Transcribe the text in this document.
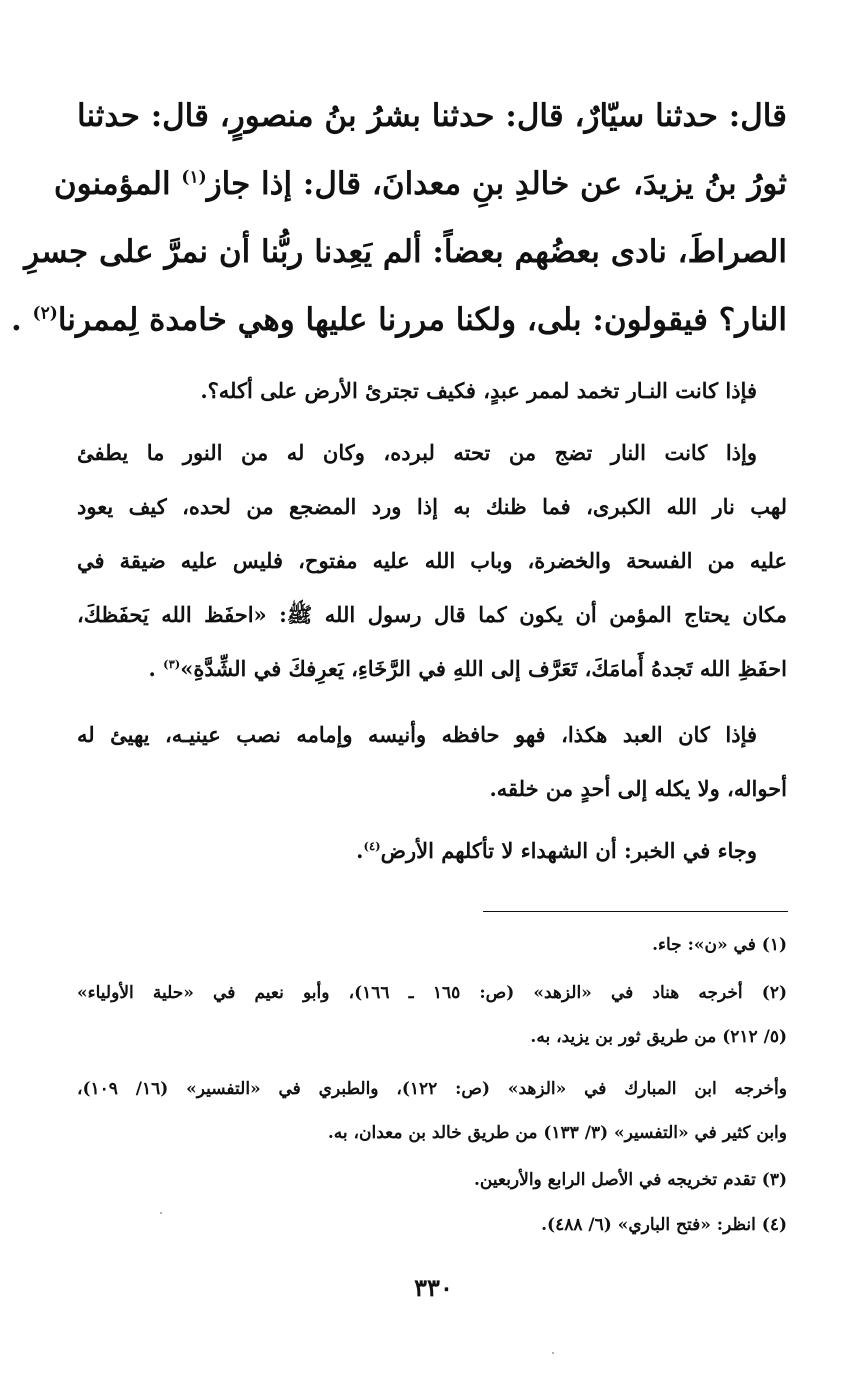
قال: حدثنا سيّارٌ، قال: حدثنا بشرُ بنُ منصورٍ، قال: حدثنا
ثورُ بنُ يزيدَ، عن خالدِ بنِ معدانَ، قال: إذا جاز$^{(١)}$ المؤمنون
الصراطَ، نادى بعضُهم بعضاً: ألم يَعِدنا ربُّنا أن نمرَّ على جسرِ
النار؟ فيقولون: بلى، ولكنا مررنا عليها وهي خامدة لِممرنا$^{(٢)}$ .
فإذا كانت النـار تخمد لممر عبدٍ، فكيف تجترئ الأرض على أكله؟.
وإذا كانت النار تضج من تحته لبرده، وكان له من النور ما يطفئ
لهب نار الله الكبرى، فما ظنك به إذا ورد المضجع من لحده، كيف يعود
عليه من الفسحة والخضرة، وباب الله عليه مفتوح، فليس عليه ضيقة في
مكان يحتاج المؤمن أن يكون كما قال رسول الله ﷺ: «احفَظ الله يَحفَظكَ،
احفَظِ الله تَجدهُ أَمامَكَ، تَعَرَّف إلى اللهِ في الرَّخَاءِ، يَعرِفكَ في الشِّدَّةِ»$^{(٣)}$ .
فإذا كان العبد هكذا، فهو حافظه وأنيسه وإمامه نصب عينيـه، يهيئ له
أحواله، ولا يكله إلى أحدٍ من خلقه.
وجاء في الخبر: أن الشهداء لا تأكلهم الأرض$^{(٤)}$.
(١) في «ن»: جاء.
(٢) أخرجه هناد في «الزهد» (ص: ١٦٥ ـ ١٦٦)، وأبو نعيم في «حلية الأولياء»
(٥/ ٢١٢) من طريق ثور بن يزيد، به.
وأخرجه ابن المبارك في «الزهد» (ص: ١٢٢)، والطبري في «التفسير» (١٦/ ١٠٩)،
وابن كثير في «التفسير» (٣/ ١٣٣) من طريق خالد بن معدان، به.
(٣) تقدم تخريجه في الأصل الرابع والأربعين.
(٤) انظر: «فتح الباري» (٦/ ٤٨٨).
٣٣٠
